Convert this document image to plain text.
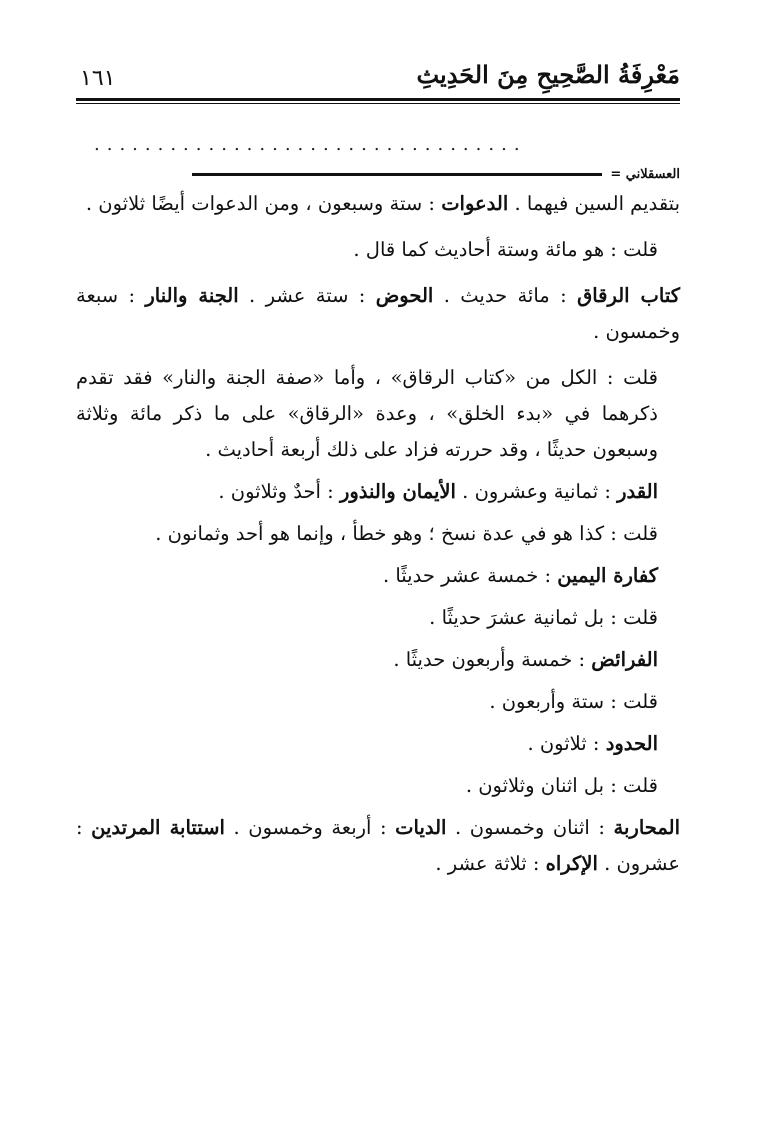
مَعْرِفَةُ الصَّحِيحِ مِنَ الحَدِيثِ
١٦١
..................................
العسقلاني =

بتقديم السين فيهما . الدعوات : ستة وسبعون ، ومن الدعوات أيضًا ثلاثون .

قلت : هو مائة وستة أحاديث كما قال .

كتاب الرقاق : مائة حديث . الحوض : ستة عشر . الجنة والنار : سبعة وخمسون .

قلت : الكل من «كتاب الرقاق» ، وأما «صفة الجنة والنار» فقد تقدم ذكرهما في «بدء الخلق» ، وعدة «الرقاق» على ما ذكر مائة وثلاثة وسبعون حديثًا ، وقد حررته فزاد على ذلك أربعة أحاديث .

القدر : ثمانية وعشرون . الأيمان والنذور : أحدٌ وثلاثون .

قلت : كذا هو في عدة نسخ ؛ وهو خطأ ، وإنما هو أحد وثمانون .

كفارة اليمين : خمسة عشر حديثًا .

قلت : بل ثمانية عشرَ حديثًا .

الفرائض : خمسة وأربعون حديثًا .

قلت : ستة وأربعون .

الحدود : ثلاثون .

قلت : بل اثنان وثلاثون .

المحاربة : اثنان وخمسون . الديات : أربعة وخمسون . استتابة المرتدين : عشرون . الإكراه : ثلاثة عشر .
